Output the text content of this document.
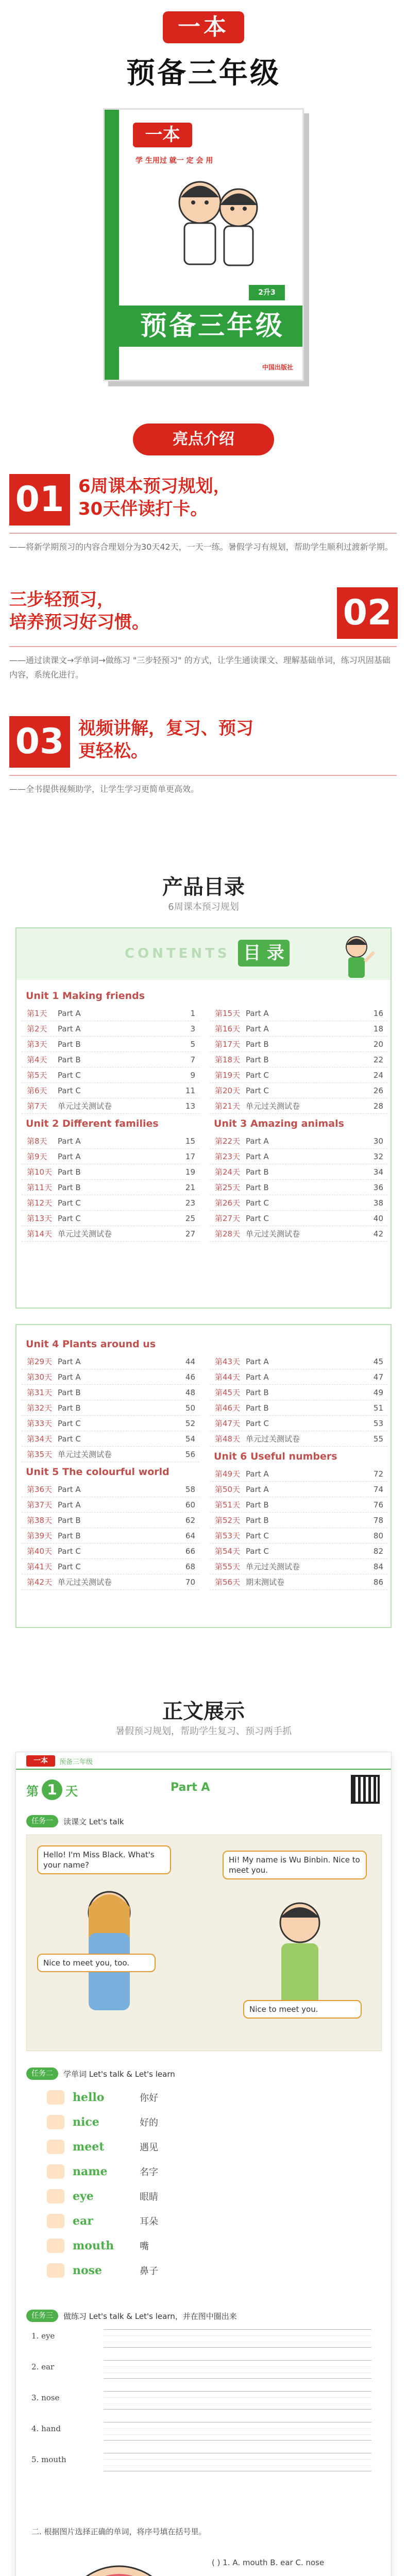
一本
预备三年级
一本
学 生用过 就一 定 会 用
2升3
预备三年级
中国出版社
亮点介绍
01 6周课本预习规划，
30天伴读打卡。
——将新学期预习的内容合理划分为30天42天，一天一练。暑假学习有规划，帮助学生顺利过渡新学期。
02
三步轻预习，
培养预习好习惯。
——通过读课文→学单词→做练习 "三步轻预习" 的方式，让学生通读课文、理解基础单词，练习巩固基础内容，系统化进行。
03 视频讲解，复习、预习
更轻松。
——全书提供视频助学，让学生学习更简单更高效。
产品目录
6周课本预习规划
CONTENTS 目 录
Unit 1 Making friends
第1天	Part A	1
第2天	Part A	3
第3天	Part B	5
第4天	Part B	7
第5天	Part C	9
第6天	Part C	11
第7天	单元过关测试卷	13
Unit 2 Different families
第8天	Part A	15
第9天	Part A	17
第10天 Part B	19
第11天 Part B	21
第12天 Part C	23
第13天 Part C	25
第14天 单元过关测试卷	27
第15天 Part A	16
第16天 Part A	18
第17天 Part B	20
第18天 Part B	22
第19天 Part C	24
第20天 Part C	26
第21天 单元过关测试卷	28
Unit 3 Amazing animals
第22天 Part A	30
第23天 Part A	32
第24天 Part B	34
第25天 Part B	36
第26天 Part C	38
第27天 Part C	40
第28天 单元过关测试卷	42
Unit 4 Plants around us
第29天 Part A	44
第30天 Part A	46
第31天 Part B	48
第32天 Part B	50
第33天 Part C	52
第34天 Part C	54
第35天 单元过关测试卷	56
Unit 5 The colourful world
第36天 Part A	58
第37天 Part A	60
第38天 Part B	62
第39天 Part B	64
第40天 Part C	66
第41天 Part C	68
第42天 单元过关测试卷	70
第43天 Part A	45
第44天 Part A	47
第45天 Part B	49
第46天 Part B	51
第47天 Part C	53
第48天 单元过关测试卷	55
Unit 6 Useful numbers
第49天 Part A	72
第50天 Part A	74
第51天 Part B	76
第52天 Part B	78
第53天 Part C	80
第54天 Part C	82
第55天 单元过关测试卷	84
第56天 期末测试卷	86
正文展示
暑假预习规划，帮助学生复习、预习两手抓
一本	预备三年级
第 1 天	Part A
任务一	读课文 Let's talk
Hello! I'm Miss Black. What's your name?
Hi! My name is Wu Binbin. Nice to meet you.
Nice to meet you, too.
Nice to meet you.
任务二	学单词 Let's talk & Let's learn
hello	你好
nice	好的
meet	遇见
name	名字
eye	眼睛
ear	耳朵
mouth	嘴
nose	鼻子
任务三	做练习 Let's talk & Let's learn，并在图中圈出来
1. eye
2. ear
3. nose
4. hand
5. mouth
二. 根据图片选择正确的单词，将序号填在括号里。
( ) 1. A. mouth B. ear C. nose
